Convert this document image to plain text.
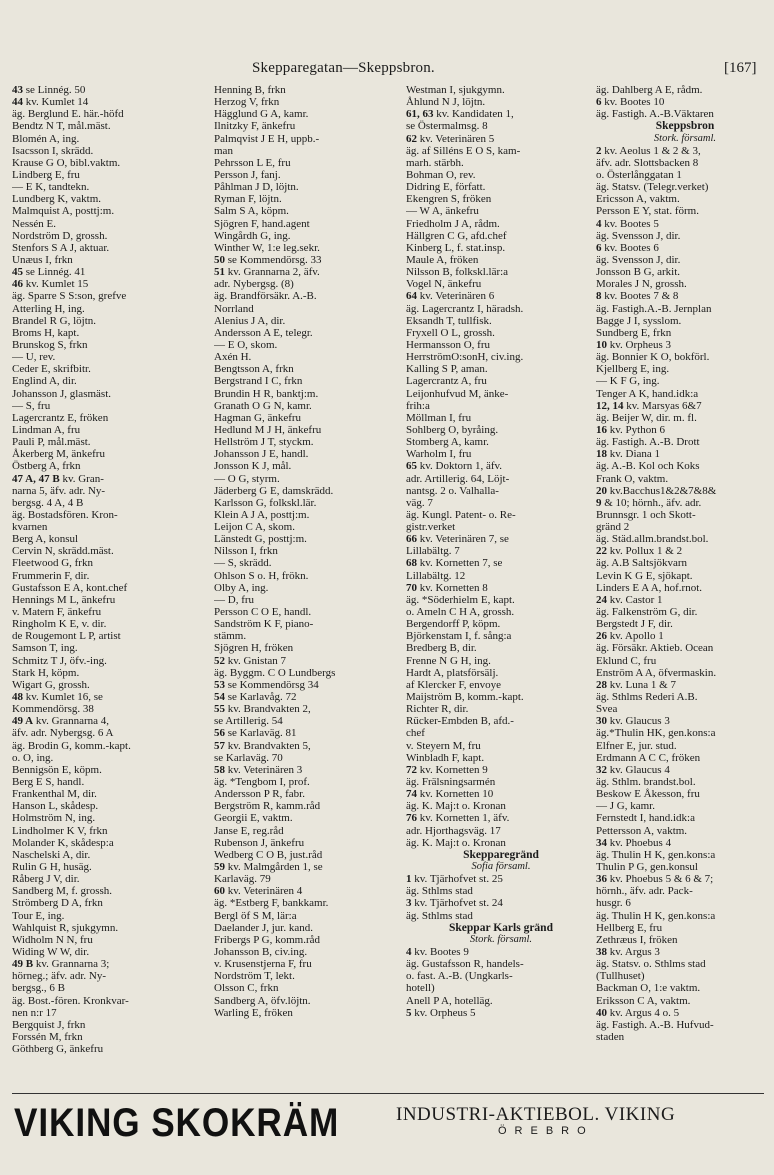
Skepparegatan—Skeppsbron.	[167]
43 se Linnég. 50
44 kv. Kumlet 14
äg. Berglund E. här.-höfd
Bendtz N T, mål.mäst.
Blomén A, ing.
Isacsson I, skrädd.
Krause G O, bibl.vaktm.
Lindberg E, fru
— E K, tandtekn.
Lundberg K, vaktm.
Malmquist A, posttj:m.
Nessén E.
Nordström D, grossh.
Stenfors S A J, aktuar.
Unæus I, frkn
45 se Linnég. 41
46 kv. Kumlet 15
äg. Sparre S S:son, grefve
Atterling H, ing.
Brandel R G, löjtn.
Broms H, kapt.
Brunskog S, frkn
— U, rev.
Ceder E, skrifbitr.
Englind A, dir.
Johansson J, glasmäst.
— S, fru
Lagercrantz E, fröken
Lindman A, fru
Pauli P, mål.mäst.
Åkerberg M, änkefru
Östberg A, frkn
47 A, 47 B kv. Gran-
narna 5, äfv. adr. Ny-
bergsg. 4 A, 4 B
äg. Bostadsfören. Kron-
kvarnen
Berg A, konsul
Cervin N, skrädd.mäst.
Fleetwood G, frkn
Frummerin F, dir.
Gustafsson E A, kont.chef
Hennings M L, änkefru
v. Matern F, änkefru
Ringholm K E, v. dir.
de Rougemont L P, artist
Samson T, ing.
Schmitz T J, öfv.-ing.
Stark H, köpm.
Wigart G, grossh.
48 kv. Kumlet 16, se
Kommendörsg. 38
49 A kv. Grannarna 4,
äfv. adr. Nybergsg. 6 A
äg. Brodin G, komm.-kapt.
o. O, ing.
Bennigsön E, köpm.
Berg E S, handl.
Frankenthal M, dir.
Hanson L, skådesp.
Holmström N, ing.
Lindholmer K V, frkn
Molander K, skådesp:a
Naschelski A, dir.
Rulin G H, husäg.
Råberg J V, dir.
Sandberg M, f. grossh.
Strömberg D A, frkn
Tour E, ing.
Wahlquist R, sjukgymn.
Widholm N N, fru
Widing W W, dir.
49 B kv. Grannarna 3;
hörneg.; äfv. adr. Ny-
bergsg., 6 B
äg. Bost.-fören. Kronkvar-
nen n:r 17
Bergquist J, frkn
Forssén M, frkn
Göthberg G, änkefru
Henning B, frkn
Herzog V, frkn
Hägglund G A, kamr.
Ilnitzky F, änkefru
Palmqvist J E H, uppb.-
man
Pehrsson L E, fru
Persson J, fanj.
Påhlman J D, löjtn.
Ryman F, löjtn.
Salm S A, köpm.
Sjögren F, hand.agent
Wingårdh G, ing.
Winther W, 1:e leg.sekr.
50 se Kommendörsg. 33
51 kv. Grannarna 2, äfv.
adr. Nybergsg. (8)
äg. Brandförsäkr. A.-B.
Norrland
Alenius J A, dir.
Andersson A E, telegr.
— E O, skom.
Axén H.
Bengtsson A, frkn
Bergstrand I C, frkn
Brundin H R, banktj:m.
Granath O G N, kamr.
Hagman G, änkefru
Hedlund M J H, änkefru
Hellström J T, styckm.
Johansson J E, handl.
Jonsson K J, mål.
— O G, styrm.
Jäderberg G E, damskrädd.
Karlsson G, folkskl.lär.
Klein A J A, posttj:m.
Leijon C A, skom.
Länstedt G, posttj:m.
Nilsson I, frkn
— S, skrädd.
Ohlson S o. H, frökn.
Olby A, ing.
— D, fru
Persson C O E, handl.
Sandström K F, piano-
stämm.
Sjögren H, fröken
52 kv. Gnistan 7
äg. Byggm. C O Lundbergs
53 se Kommendörsg 34
54 se Karlavåg. 72
55 kv. Brandvakten 2,
se Artillerig. 54
56 se Karlaväg. 81
57 kv. Brandvakten 5,
se Karlaväg. 70
58 kv. Veterinären 3
äg. *Tengbom I, prof.
Andersson P R, fabr.
Bergström R, kamm.råd
Georgii E, vaktm.
Janse E, reg.råd
Rubenson J, änkefru
Wedberg C O B, just.råd
59 kv. Malmgården 1, se
Karlaväg. 79
60 kv. Veterinären 4
äg. *Estberg F, bankkamr.
Bergl öf S M, lär:a
Daelander J, jur. kand.
Fribergs P G, komm.råd
Johansson B, civ.ing.
v. Krusenstjerna F, fru
Nordström T, lekt.
Olsson C, frkn
Sandberg A, öfv.löjtn.
Warling E, fröken
Westman I, sjukgymn.
Åhlund N J, löjtn.
61, 63 kv. Kandidaten 1,
se Östermalmsg. 8
62 kv. Veterinären 5
äg. af Silléns E O S, kam-
marh. stärbh.
Bohman O, rev.
Didring E, författ.
Ekengren S, fröken
— W A, änkefru
Friedholm J A, rådm.
Hällgren C G, afd.chef
Kinberg L, f. stat.insp.
Maule A, fröken
Nilsson B, folkskl.lär:a
Vogel N, änkefru
64 kv. Veterinären 6
äg. Lagercrantz I, häradsh.
Eksandh T, tullfisk.
Fryxell O L, grossh.
Hermansson O, fru
HerrströmO:sonH, civ.ing.
Kalling S P, aman.
Lagercrantz A, fru
Leijonhufvud M, änke-
frih:a
Möllman I, fru
Sohlberg O, byråing.
Stomberg A, kamr.
Warholm I, fru
65 kv. Doktorn 1, äfv.
adr. Artillerig. 64, Löjt-
nantsg. 2 o. Valhalla-
väg. 7
äg. Kungl. Patent- o. Re-
gistr.verket
66 kv. Veterinären 7, se
Lillabältg. 7
68 kv. Kornetten 7, se
Lillabältg. 12
70 kv. Kornetten 8
äg. *Söderhielm E, kapt.
o. Ameln C H A, grossh.
Bergendorff P, köpm.
Björkenstam I, f. sång:a
Bredberg B, dir.
Frenne N G H, ing.
Hardt A, platsförsälj.
af Klercker F, envoye
Maijström B, komm.-kapt.
Richter R, dir.
Rücker-Embden B, afd.-
chef
v. Steyern M, fru
Winbladh F, kapt.
72 kv. Kornetten 9
äg. Frälsningsarmén
74 kv. Kornetten 10
äg. K. Maj:t o. Kronan
76 kv. Kornetten 1, äfv.
adr. Hjorthagsväg. 17
äg. K. Maj:t o. Kronan
Skepparegränd
Sofia församl.
1 kv. Tjärhofvet st. 25
äg. Sthlms stad
3 kv. Tjärhofvet st. 24
äg. Sthlms stad
Skeppar Karls gränd
Stork. församl.
4 kv. Bootes 9
äg. Gustafsson R, handels-
o. fast. A.-B. (Ungkarls-
hotell)
Anell P A, hotelläg.
5 kv. Orpheus 5
äg. Dahlberg A E, rådm.
6 kv. Bootes 10
äg. Fastigh. A.-B.Väktaren
Skeppsbron
Stork. församl.
2 kv. Aeolus 1 & 2 & 3,
äfv. adr. Slottsbacken 8
o. Österlånggatan 1
äg. Statsv. (Telegr.verket)
Ericsson A, vaktm.
Persson E Y, stat. förm.
4 kv. Bootes 5
äg. Svensson J, dir.
6 kv. Bootes 6
äg. Svensson J, dir.
Jonsson B G, arkit.
Morales J N, grossh.
8 kv. Bootes 7 & 8
äg. Fastigh.A.-B. Jernplan
Bagge J I, sysslom.
Sundberg E, frkn
10 kv. Orpheus 3
äg. Bonnier K O, bokförl.
Kjellberg E, ing.
— K F G, ing.
Tenger A K, hand.idk:a
12, 14 kv. Marsyas 6&7
äg. Beijer W, dir. m. fl.
16 kv. Python 6
äg. Fastigh. A.-B. Drott
18 kv. Diana 1
äg. A.-B. Kol och Koks
Frank O, vaktm.
20 kv.Bacchus1&2&7&8&
9 & 10; hörnh., äfv. adr.
Brunnsgr. 1 och Skott-
gränd 2
äg. Städ.allm.brandst.bol.
22 kv. Pollux 1 & 2
äg. A.B Saltsjökvarn
Levin K G E, sjökapt.
Linders E A A, hof.rnot.
24 kv. Castor 1
äg. Falkenström G, dir.
Bergstedt J F, dir.
26 kv. Apollo 1
äg. Försäkr. Aktieb. Ocean
Eklund C, fru
Enström A A, öfvermaskin.
28 kv. Luna 1 & 7
äg. Sthlms Rederi A.B.
Svea
30 kv. Glaucus 3
äg.*Thulin HK, gen.kons:a
Elfner E, jur. stud.
Erdmann A C C, fröken
32 kv. Glaucus 4
äg. Sthlm. brandst.bol.
Beskow E Åkesson, fru
— J G, kamr.
Fernstedt I, hand.idk:a
Pettersson A, vaktm.
34 kv. Phoebus 4
äg. Thulin H K, gen.kons:a
Thulin P G, gen.konsul
36 kv. Phoebus 5 & 6 & 7;
hörnh., äfv. adr. Pack-
husgr. 6
äg. Thulin H K, gen.kons:a
Hellberg E, fru
Zethræus I, fröken
38 kv. Argus 3
äg. Statsv. o. Sthlms stad
(Tullhuset)
Backman O, 1:e vaktm.
Eriksson C A, vaktm.
40 kv. Argus 4 o. 5
äg. Fastigh. A.-B. Hufvud-
staden
VIKING SKOKRÄM	INDUSTRI-AKTIEBOL. VIKING
ÖREBRO
